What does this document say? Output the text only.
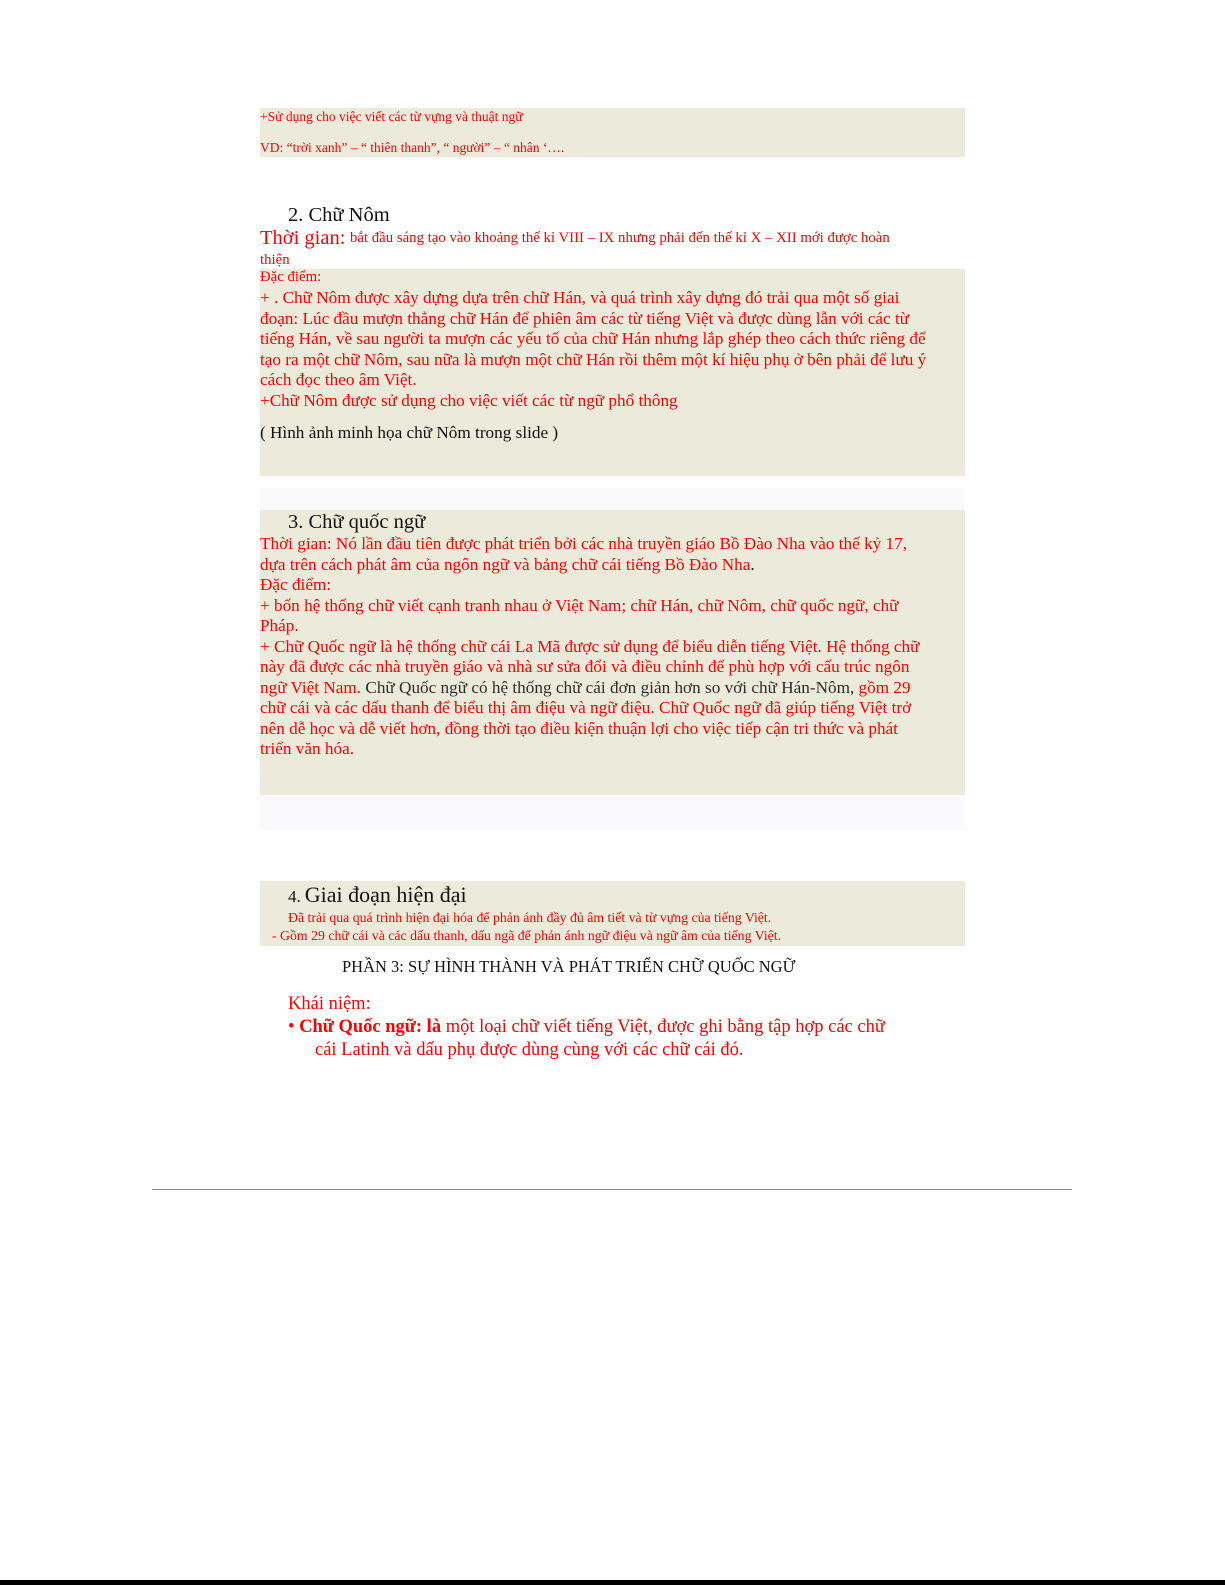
+Sử dụng cho việc viết các từ vựng và thuật ngữ
VD: “trời xanh” – “ thiên thanh”, “ người” – “ nhân ‘….
2. Chữ Nôm
Thời gian: bắt đầu sáng tạo vào khoảng thế kỉ VIII – IX nhưng phải đến thế kỉ X – XII mới được hoàn
thiện
Đặc điểm:
+ . Chữ Nôm được xây dựng dựa trên chữ Hán, và quá trình xây dựng đó trải qua một số giai
đoạn: Lúc đầu mượn thẳng chữ Hán để phiên âm các từ tiếng Việt và được dùng lẫn với các từ
tiếng Hán, về sau người ta mượn các yếu tố của chữ Hán nhưng lắp ghép theo cách thức riêng để
tạo ra một chữ Nôm, sau nữa là mượn một chữ Hán rồi thêm một kí hiệu phụ ở bên phải để lưu ý
cách đọc theo âm Việt.
+Chữ Nôm được sử dụng cho việc viết các từ ngữ phổ thông
( Hình ảnh minh họa chữ Nôm trong slide )
3. Chữ quốc ngữ
Thời gian: Nó lần đầu tiên được phát triển bởi các nhà truyền giáo Bồ Đào Nha vào thế kỷ 17,
dựa trên cách phát âm của ngôn ngữ và bảng chữ cái tiếng Bồ Đào Nha.
Đặc điểm:
+ bốn hệ thống chữ viết cạnh tranh nhau ở Việt Nam; chữ Hán, chữ Nôm, chữ quốc ngữ, chữ
Pháp.
+ Chữ Quốc ngữ là hệ thống chữ cái La Mã được sử dụng để biểu diễn tiếng Việt. Hệ thống chữ
này đã được các nhà truyền giáo và nhà sư sửa đổi và điều chỉnh để phù hợp với cấu trúc ngôn
ngữ Việt Nam. Chữ Quốc ngữ có hệ thống chữ cái đơn giản hơn so với chữ Hán-Nôm, gồm 29
chữ cái và các dấu thanh để biểu thị âm điệu và ngữ điệu. Chữ Quốc ngữ đã giúp tiếng Việt trở
nên dễ học và dễ viết hơn, đồng thời tạo điều kiện thuận lợi cho việc tiếp cận tri thức và phát
triển văn hóa.
4. Giai đoạn hiện đại
Đã trải qua quá trình hiện đại hóa để phản ánh đầy đủ âm tiết và từ vựng của tiếng Việt.
- Gồm 29 chữ cái và các dấu thanh, dấu ngã để phản ánh ngữ điệu và ngữ âm của tiếng Việt.
PHẦN 3: SỰ HÌNH THÀNH VÀ PHÁT TRIỂN CHỮ QUỐC NGỮ
Khái niệm:
• Chữ Quốc ngữ: là một loại chữ viết tiếng Việt, được ghi bằng tập hợp các chữ
cái Latinh và dấu phụ được dùng cùng với các chữ cái đó.
